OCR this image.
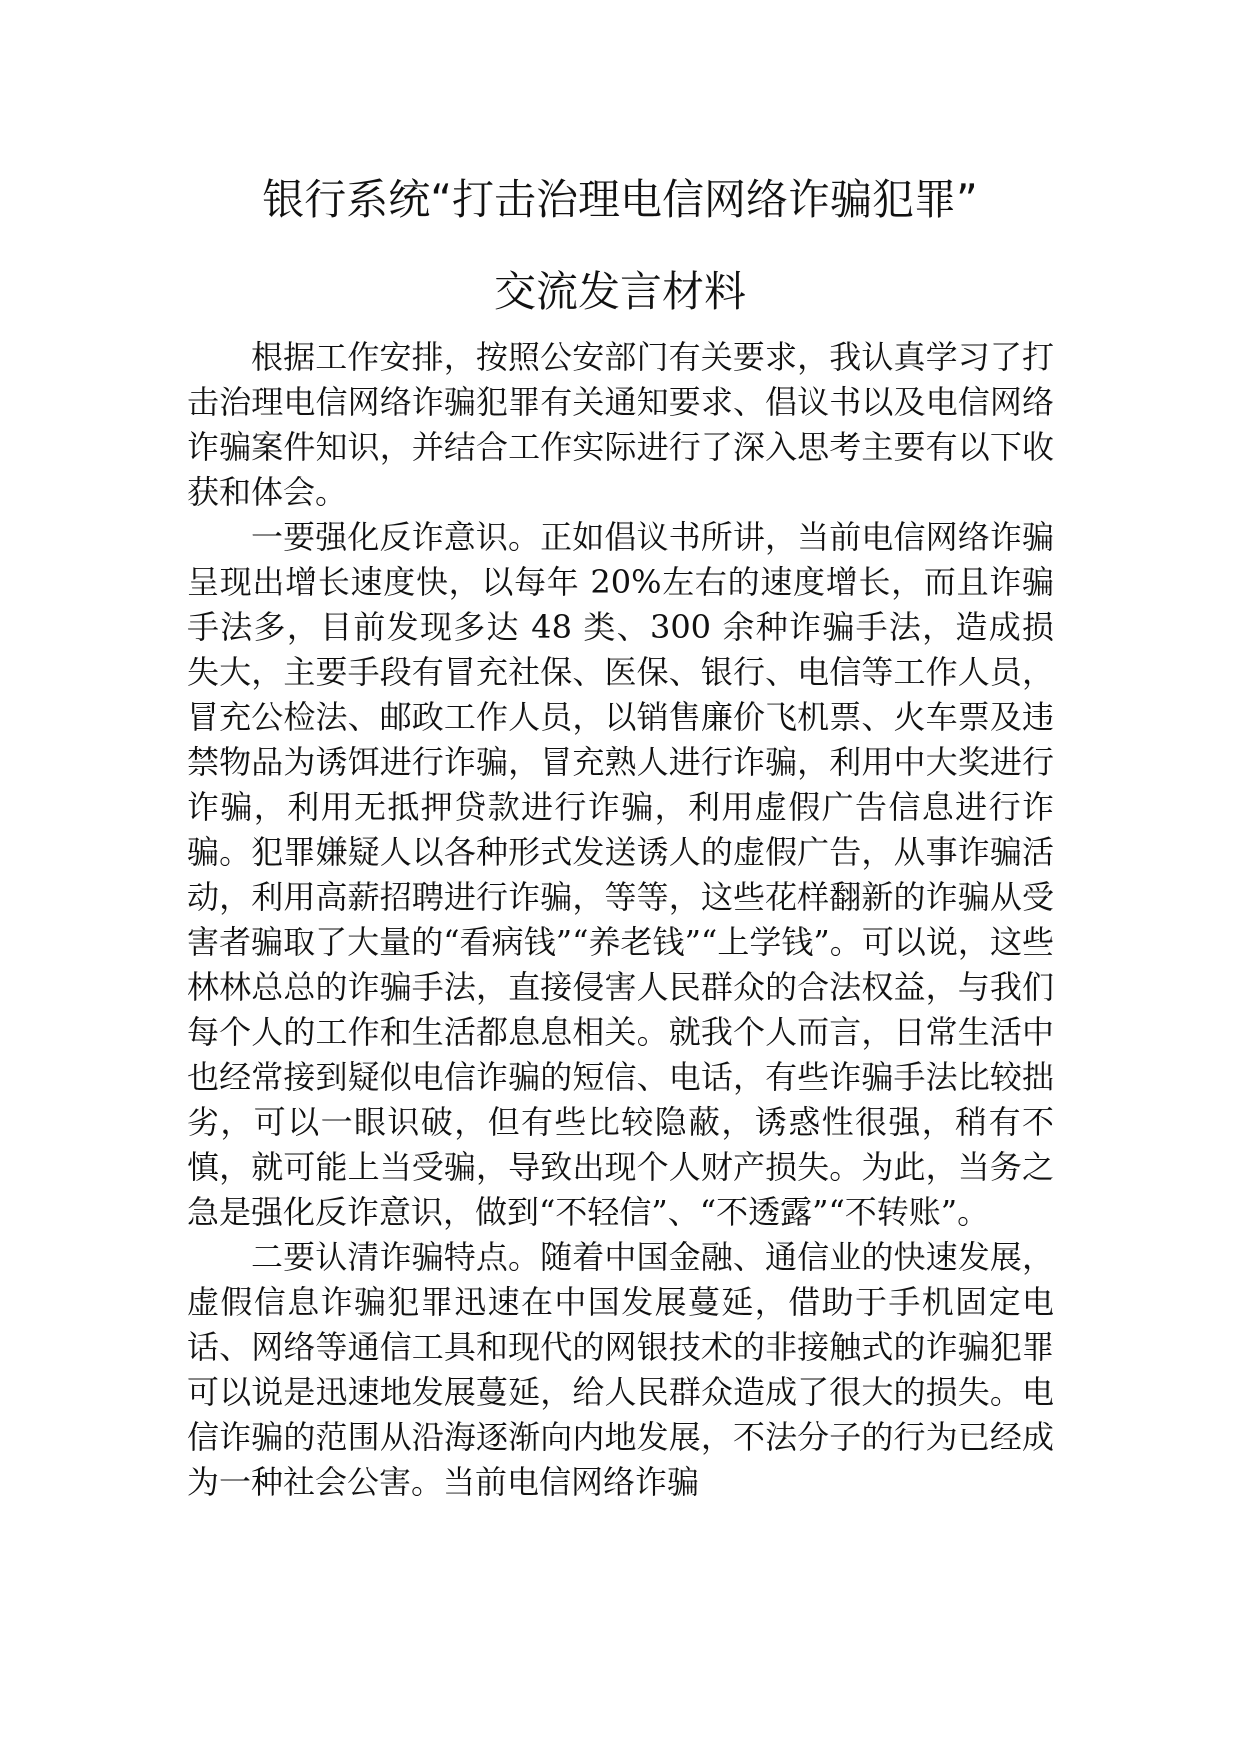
银行系统“打击治理电信网络诈骗犯罪”
交流发言材料

根据工作安排，按照公安部门有关要求，我认真学习了打击治理电信网络诈骗犯罪有关通知要求、倡议书以及电信网络诈骗案件知识，并结合工作实际进行了深入思考主要有以下收获和体会。

一要强化反诈意识。正如倡议书所讲，当前电信网络诈骗呈现出增长速度快，以每年 20%左右的速度增长，而且诈骗手法多，目前发现多达 48 类、300 余种诈骗手法，造成损失大，主要手段有冒充社保、医保、银行、电信等工作人员，冒充公检法、邮政工作人员，以销售廉价飞机票、火车票及违禁物品为诱饵进行诈骗，冒充熟人进行诈骗，利用中大奖进行诈骗，利用无抵押贷款进行诈骗，利用虚假广告信息进行诈骗。犯罪嫌疑人以各种形式发送诱人的虚假广告，从事诈骗活动，利用高薪招聘进行诈骗，等等，这些花样翻新的诈骗从受害者骗取了大量的“看病钱”“养老钱”“上学钱”。可以说，这些林林总总的诈骗手法，直接侵害人民群众的合法权益，与我们每个人的工作和生活都息息相关。就我个人而言，日常生活中也经常接到疑似电信诈骗的短信、电话，有些诈骗手法比较拙劣，可以一眼识破，但有些比较隐蔽，诱惑性很强，稍有不慎，就可能上当受骗，导致出现个人财产损失。为此，当务之急是强化反诈意识，做到“不轻信”、“不透露”“不转账”。

二要认清诈骗特点。随着中国金融、通信业的快速发展，虚假信息诈骗犯罪迅速在中国发展蔓延，借助于手机固定电话、网络等通信工具和现代的网银技术的非接触式的诈骗犯罪可以说是迅速地发展蔓延，给人民群众造成了很大的损失。电信诈骗的范围从沿海逐渐向内地发展，不法分子的行为已经成为一种社会公害。当前电信网络诈骗
